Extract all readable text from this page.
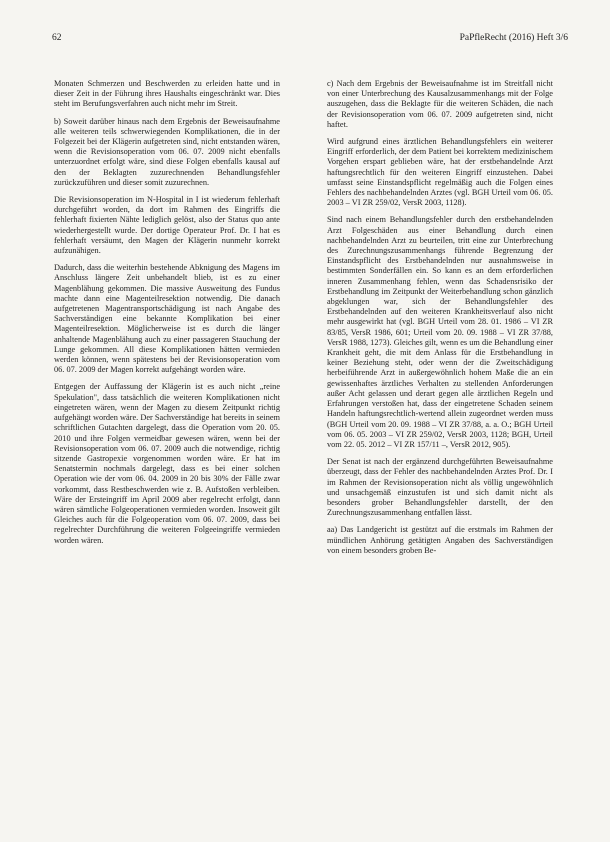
62	PaPfleRecht (2016) Heft 3/6

Monaten Schmerzen und Beschwerden zu erleiden hatte und in dieser Zeit in der Führung ihres Haushalts eingeschränkt war. Dies steht im Berufungsverfahren auch nicht mehr im Streit.

b) Soweit darüber hinaus nach dem Ergebnis der Beweisaufnahme alle weiteren teils schwerwiegenden Komplikationen, die in der Folgezeit bei der Klägerin aufgetreten sind, nicht entstanden wären, wenn die Revisionsoperation vom 06. 07. 2009 nicht ebenfalls unterzuordnet erfolgt wäre, sind diese Folgen ebenfalls kausal auf den der Beklagten zuzurechnenden Behandlungsfehler zurückzuführen und dieser somit zuzurechnen.

Die Revisionsoperation im N-Hospital in I ist wiederum fehlerhaft durchgeführt worden, da dort im Rahmen des Eingriffs die fehlerhaft fixierten Nähte lediglich gelöst, also der Status quo ante wiederhergestellt wurde. Der dortige Operateur Prof. Dr. I hat es fehlerhaft versäumt, den Magen der Klägerin nunmehr korrekt aufzunähigen.

Dadurch, dass die weiterhin bestehende Abknigung des Magens im Anschluss längere Zeit unbehandelt blieb, ist es zu einer Magenblähung gekommen. Die massive Ausweitung des Fundus machte dann eine Magenteilresektion notwendig. Die danach aufgetretenen Magentransportschädigung ist nach Angabe des Sachverständigen eine bekannte Komplikation bei einer Magenteilresektion. Möglicherweise ist es durch die länger anhaltende Magenblähung auch zu einer passageren Stauchung der Lunge gekommen. All diese Komplikationen hätten vermieden werden können, wenn spätestens bei der Revisionsoperation vom 06. 07. 2009 der Magen korrekt aufgehängt worden wäre.

Entgegen der Auffassung der Klägerin ist es auch nicht „reine Spekulation", dass tatsächlich die weiteren Komplikationen nicht eingetreten wären, wenn der Magen zu diesem Zeitpunkt richtig aufgehängt worden wäre. Der Sachverständige hat bereits in seinem schriftlichen Gutachten dargelegt, dass die Operation vom 20. 05. 2010 und ihre Folgen vermeidbar gewesen wären, wenn bei der Revisionsoperation vom 06. 07. 2009 auch die notwendige, richtig sitzende Gastropexie vorgenommen worden wäre. Er hat im Senatstermin nochmals dargelegt, dass es bei einer solchen Operation wie der vom 06. 04. 2009 in 20 bis 30% der Fälle zwar vorkommt, dass Restbeschwerden wie z. B. Aufstoßen verbleiben. Wäre der Ersteingriff im April 2009 aber regelrecht erfolgt, dann wären sämtliche Folgeoperationen vermieden worden. Insoweit gilt Gleiches auch für die Folgeoperation vom 06. 07. 2009, dass bei regelrechter Durchführung die weiteren Folgeeingriffe vermieden worden wären.

c) Nach dem Ergebnis der Beweisaufnahme ist im Streitfall nicht von einer Unterbrechung des Kausalzusammenhangs mit der Folge auszugehen, dass die Beklagte für die weiteren Schäden, die nach der Revisionsoperation vom 06. 07. 2009 aufgetreten sind, nicht haftet.

Wird aufgrund eines ärztlichen Behandlungsfehlers ein weiterer Eingriff erforderlich, der dem Patient bei korrektem medizinischem Vorgehen erspart geblieben wäre, hat der erstbehandelnde Arzt haftungsrechtlich für den weiteren Eingriff einzustehen. Dabei umfasst seine Einstandspflicht regelmäßig auch die Folgen eines Fehlers des nachbehandelnden Arztes (vgl. BGH Urteil vom 06. 05. 2003 – VI ZR 259/02, VersR 2003, 1128).

Sind nach einem Behandlungsfehler durch den erstbehandelnden Arzt Folgeschäden aus einer Behandlung durch einen nachbehandelnden Arzt zu beurteilen, tritt eine zur Unterbrechung des Zurechnungszusammenhangs führende Begrenzung der Einstandspflicht des Erstbehandelnden nur ausnahmsweise in bestimmten Sonderfällen ein. So kann es an dem erforderlichen inneren Zusammenhang fehlen, wenn das Schadensrisiko der Erstbehandlung im Zeitpunkt der Weiterbehandlung schon gänzlich abgeklungen war, sich der Behandlungsfehler des Erstbehandelnden auf den weiteren Krankheitsverlauf also nicht mehr ausgewirkt hat (vgl. BGH Urteil vom 28. 01. 1986 – VI ZR 83/85, VersR 1986, 601; Urteil vom 20. 09. 1988 – VI ZR 37/88, VersR 1988, 1273). Gleiches gilt, wenn es um die Behandlung einer Krankheit geht, die mit dem Anlass für die Erstbehandlung in keiner Beziehung steht, oder wenn der die Zweitschädigung herbeiführende Arzt in außergewöhnlich hohem Maße die an ein gewissenhaftes ärztliches Verhalten zu stellenden Anforderungen außer Acht gelassen und derart gegen alle ärztlichen Regeln und Erfahrungen verstoßen hat, dass der eingetretene Schaden seinem Handeln haftungsrechtlich-wertend allein zugeordnet werden muss (BGH Urteil vom 20. 09. 1988 – VI ZR 37/88, a. a. O.; BGH Urteil vom 06. 05. 2003 – VI ZR 259/02, VersR 2003, 1128; BGH, Urteil vom 22. 05. 2012 – VI ZR 157/11 –, VersR 2012, 905).

Der Senat ist nach der ergänzend durchgeführten Beweisaufnahme überzeugt, dass der Fehler des nachbehandelnden Arztes Prof. Dr. I im Rahmen der Revisionsoperation nicht als völlig ungewöhnlich und unsachgemäß einzustufen ist und sich damit nicht als besonders grober Behandlungsfehler darstellt, der den Zurechnungszusammenhang entfallen lässt.

aa) Das Landgericht ist gestützt auf die erstmals im Rahmen der mündlichen Anhörung getätigten Angaben des Sachverständigen von einem besonders groben Be-
